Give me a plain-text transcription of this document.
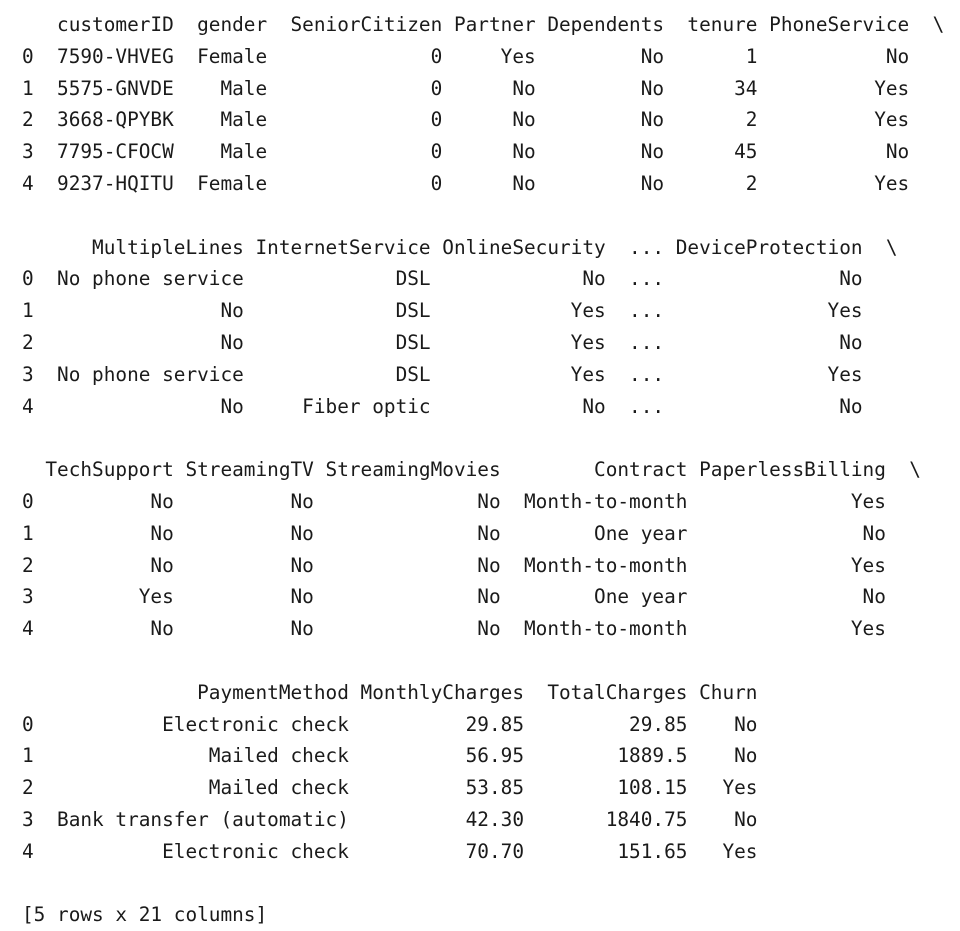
customerID  gender  SeniorCitizen Partner Dependents  tenure PhoneService  \
0  7590-VHVEG  Female              0     Yes         No       1           No
1  5575-GNVDE    Male              0      No         No      34          Yes
2  3668-QPYBK    Male              0      No         No       2          Yes
3  7795-CFOCW    Male              0      No         No      45           No
4  9237-HQITU  Female              0      No         No       2          Yes
MultipleLines InternetService OnlineSecurity  ... DeviceProtection  \
0  No phone service             DSL             No  ...               No
1                No             DSL            Yes  ...              Yes
2                No             DSL            Yes  ...               No
3  No phone service             DSL            Yes  ...              Yes
4                No     Fiber optic             No  ...               No
TechSupport StreamingTV StreamingMovies        Contract PaperlessBilling  \
0          No          No              No  Month-to-month              Yes
1          No          No              No        One year               No
2          No          No              No  Month-to-month              Yes
3         Yes          No              No        One year               No
4          No          No              No  Month-to-month              Yes
PaymentMethod MonthlyCharges  TotalCharges Churn
0           Electronic check          29.85         29.85    No
1               Mailed check          56.95        1889.5    No
2               Mailed check          53.85        108.15   Yes
3  Bank transfer (automatic)          42.30       1840.75    No
4           Electronic check          70.70        151.65   Yes
[5 rows x 21 columns]
